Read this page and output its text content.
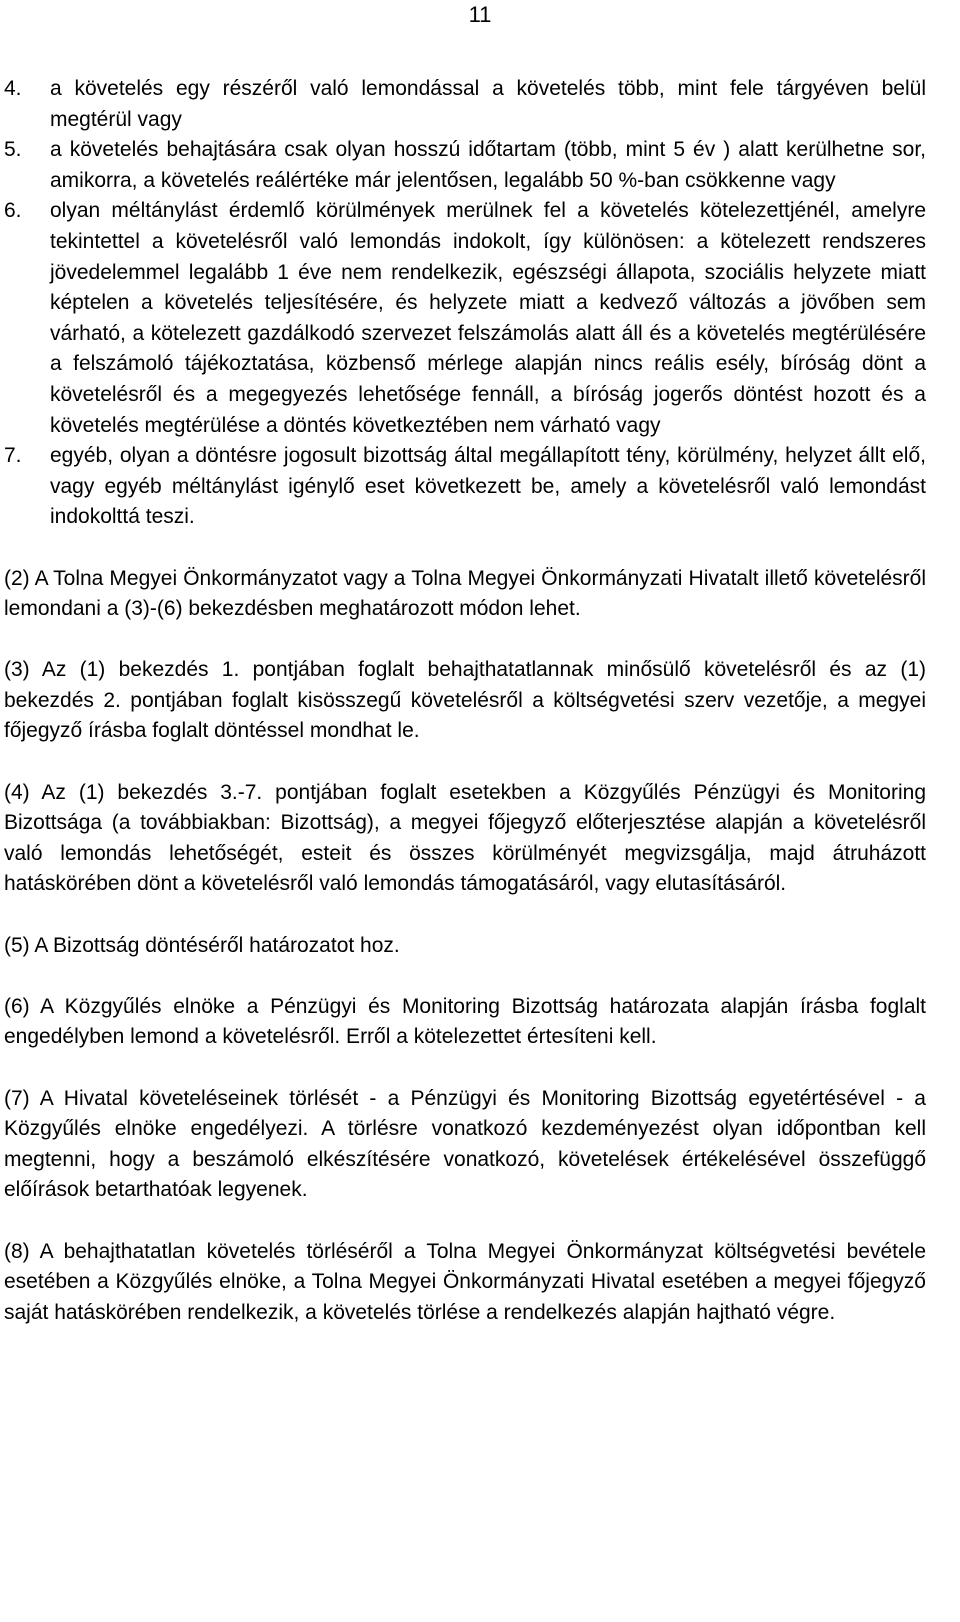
11
4.	a követelés egy részéről való lemondással a követelés több, mint fele tárgyéven belül megtérül vagy
5.	a követelés behajtására csak olyan hosszú időtartam (több, mint 5 év ) alatt kerülhetne sor, amikorra, a követelés reálértéke már jelentősen, legalább 50 %-ban csökkenne vagy
6.	olyan méltánylást érdemlő körülmények merülnek fel a követelés kötelezettjénél, amelyre tekintettel a követelésről való lemondás indokolt, így különösen: a kötelezett rendszeres jövedelemmel legalább 1 éve nem rendelkezik, egészségi állapota, szociális helyzete miatt képtelen a követelés teljesítésére, és helyzete miatt a kedvező változás a jövőben sem várható, a kötelezett gazdálkodó szervezet felszámolás alatt áll és a követelés megtérülésére a felszámoló tájékoztatása, közbenső mérlege alapján nincs reális esély, bíróság dönt a követelésről és a megegyezés lehetősége fennáll, a bíróság jogerős döntést hozott és a követelés megtérülése a döntés következtében nem várható vagy
7.	egyéb, olyan a döntésre jogosult bizottság által megállapított tény, körülmény, helyzet állt elő, vagy egyéb méltánylást igénylő eset következett be, amely a követelésről való lemondást indokolttá teszi.

(2) A Tolna Megyei Önkormányzatot vagy a Tolna Megyei Önkormányzati Hivatalt illető követelésről lemondani a (3)-(6) bekezdésben meghatározott módon lehet.

(3) Az (1) bekezdés 1. pontjában foglalt behajthatatlannak minősülő követelésről és az (1) bekezdés 2. pontjában foglalt kisösszegű követelésről a költségvetési szerv vezetője, a megyei főjegyző írásba foglalt döntéssel mondhat le.

(4) Az (1) bekezdés 3.-7. pontjában foglalt esetekben a Közgyűlés Pénzügyi és Monitoring Bizottsága (a továbbiakban: Bizottság), a megyei főjegyző előterjesztése alapján a követelésről való lemondás lehetőségét, esteit és összes körülményét megvizsgálja, majd átruházott hatáskörében dönt a követelésről való lemondás támogatásáról, vagy elutasításáról.

(5) A Bizottság döntéséről határozatot hoz.

(6) A Közgyűlés elnöke a Pénzügyi és Monitoring Bizottság határozata alapján írásba foglalt engedélyben lemond a követelésről. Erről a kötelezettet értesíteni kell.

(7) A Hivatal követeléseinek törlését - a Pénzügyi és Monitoring Bizottság egyetértésével - a Közgyűlés elnöke engedélyezi. A törlésre vonatkozó kezdeményezést olyan időpontban kell megtenni, hogy a beszámoló elkészítésére vonatkozó, követelések értékelésével összefüggő előírások betarthatóak legyenek.

(8) A behajthatatlan követelés törléséről a Tolna Megyei Önkormányzat költségvetési bevétele esetében a Közgyűlés elnöke, a Tolna Megyei Önkormányzati Hivatal esetében a megyei főjegyző saját hatáskörében rendelkezik, a követelés törlése a rendelkezés alapján hajtható végre.
